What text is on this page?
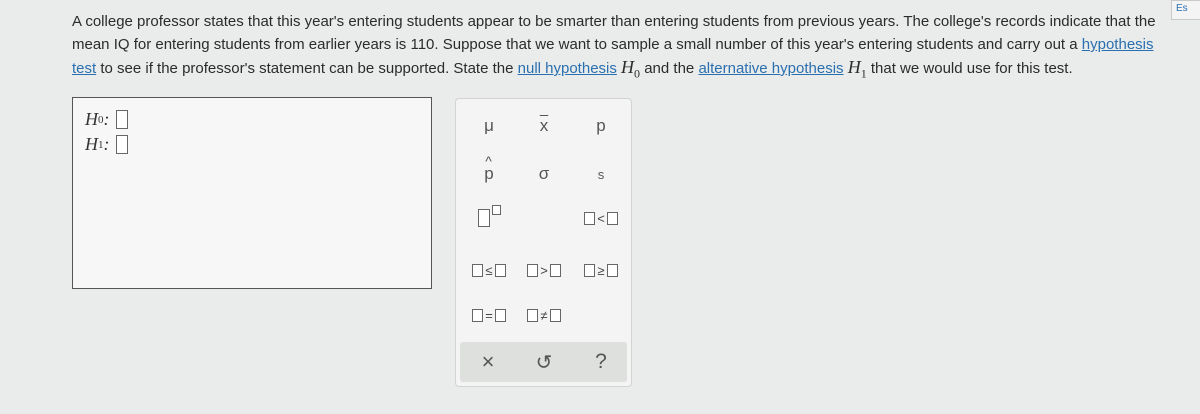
Es
A college professor states that this year's entering students appear to be smarter than entering students from previous years. The college's records indicate that the mean IQ for entering students from earlier years is 110. Suppose that we want to sample a small number of this year's entering students and carry out a hypothesis test to see if the professor's statement can be supported. State the null hypothesis $H_0$ and the alternative hypothesis $H_1$ that we would use for this test.
H 0 :
H 1 :
μ	$\overline{x}$	p
^ p	σ	s
<
≤	>	≥
=	≠
×	↺	?
